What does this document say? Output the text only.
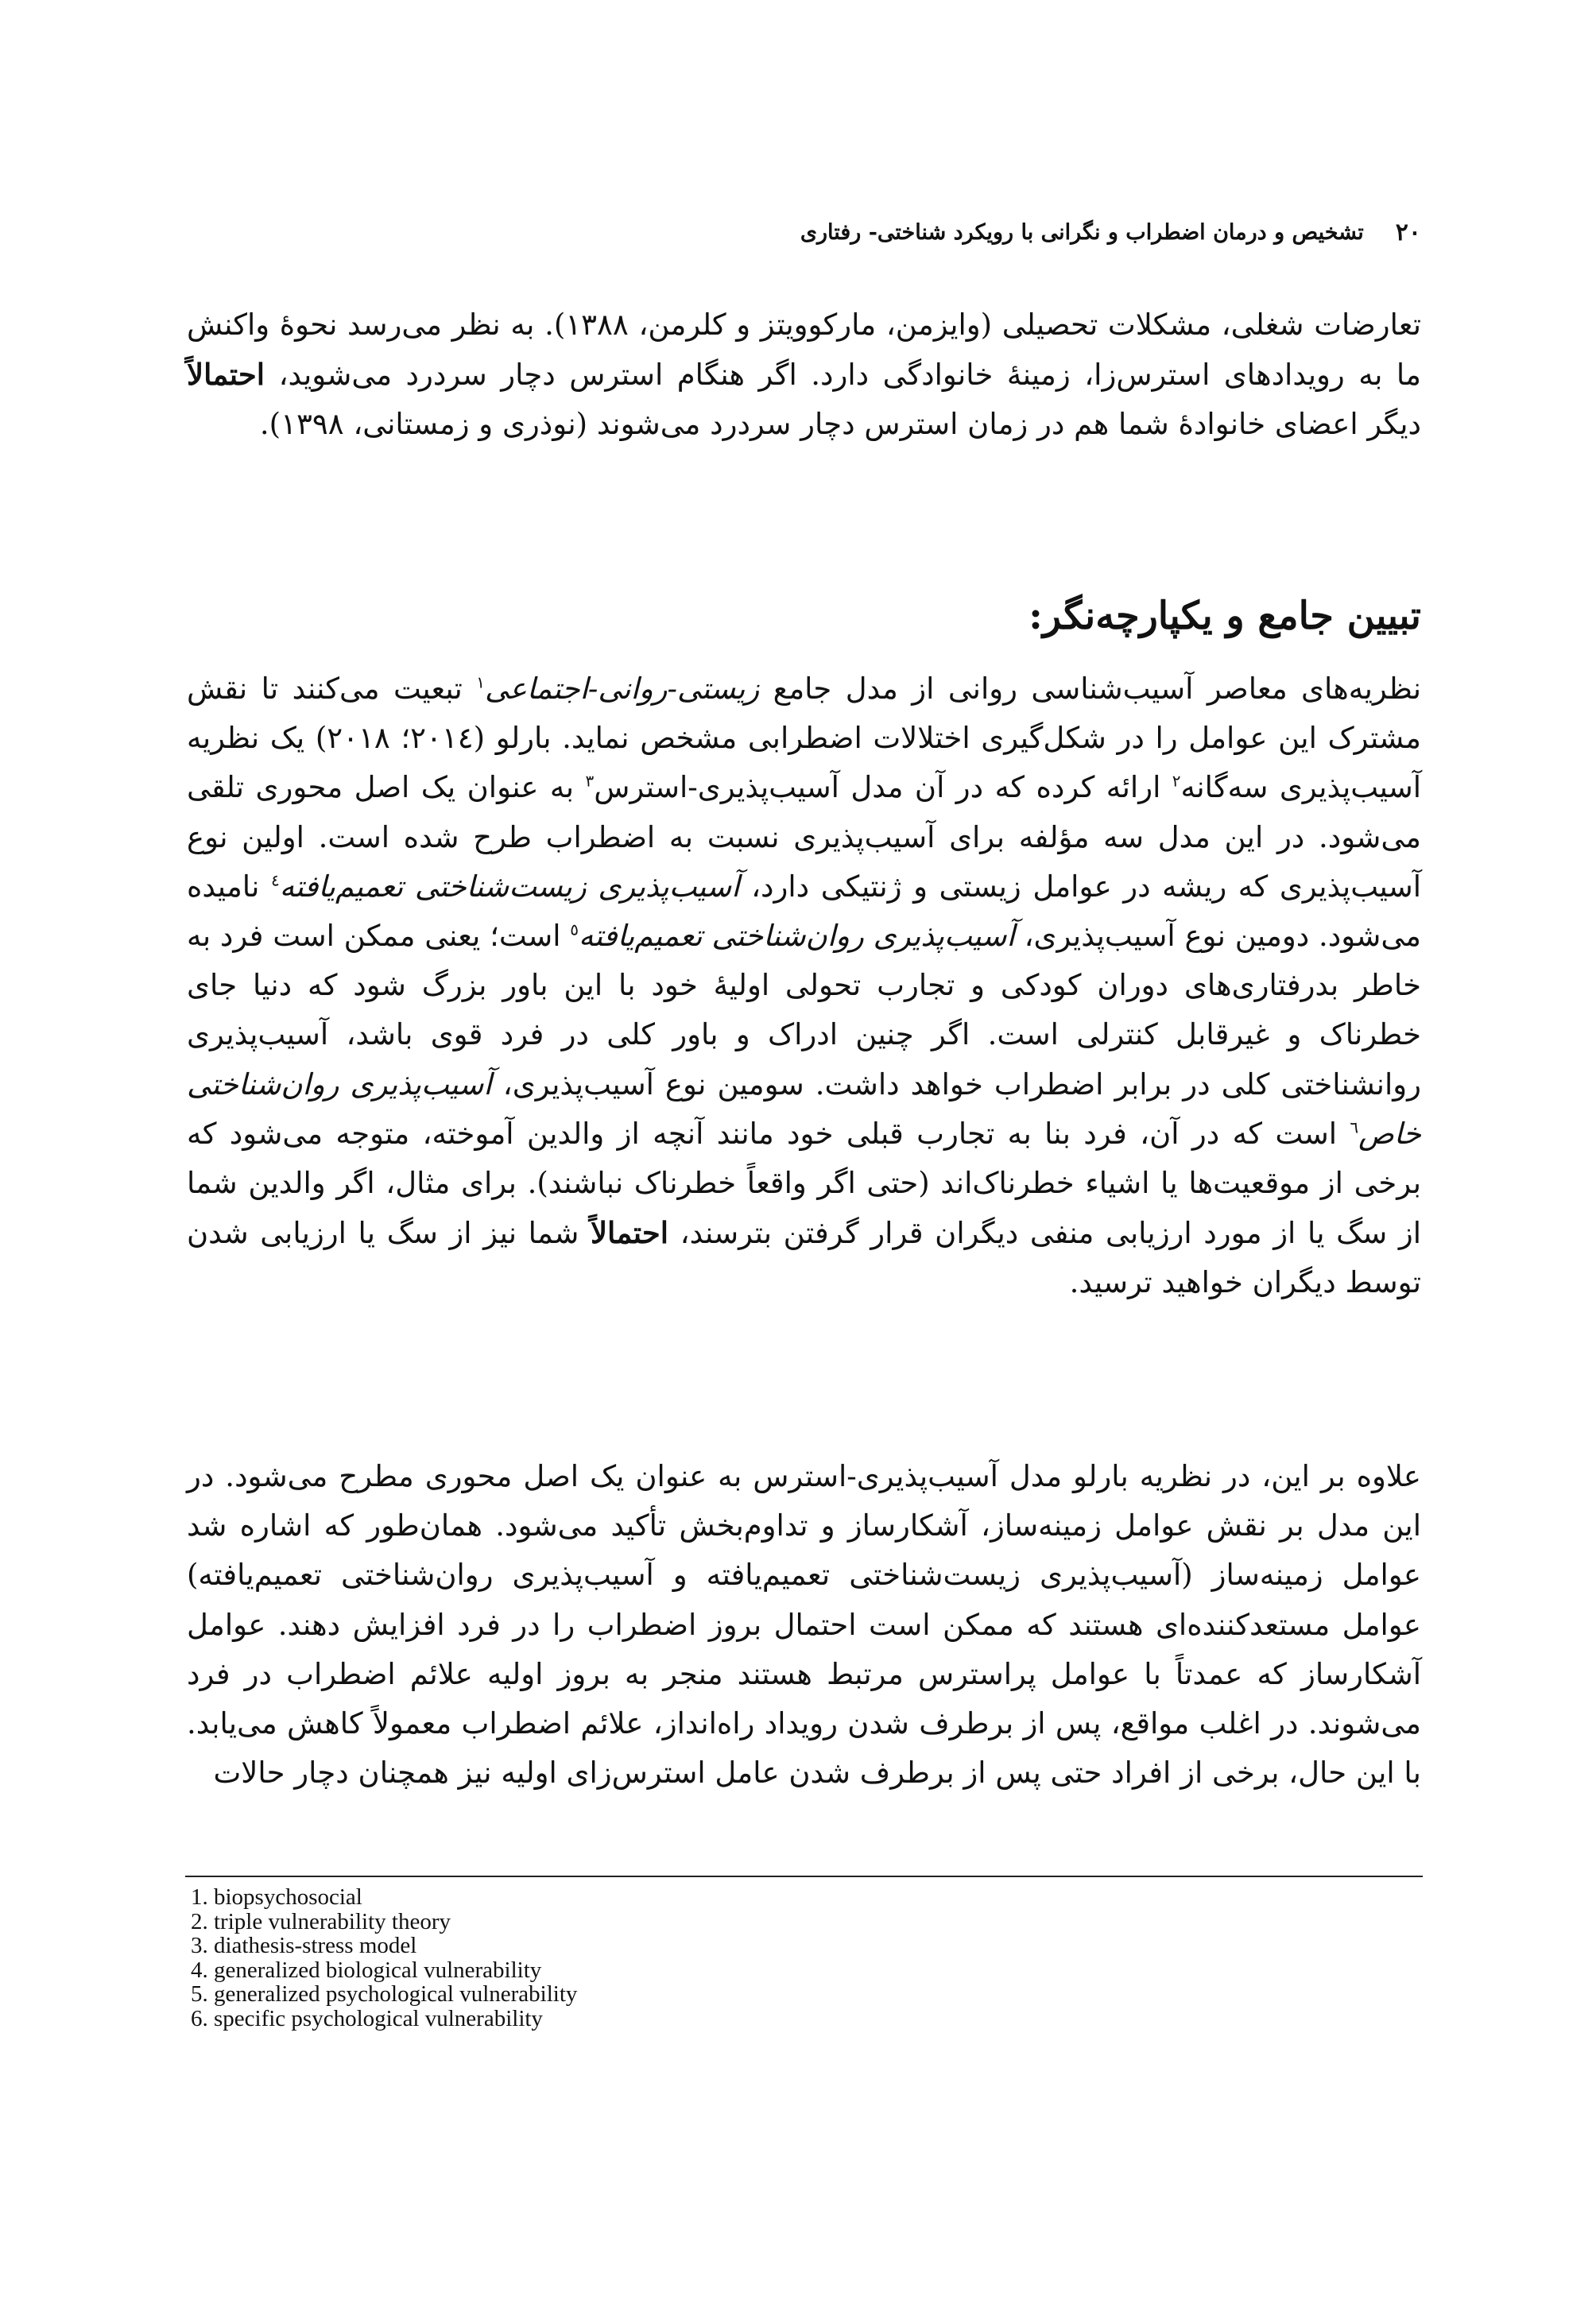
۲۰
تشخیص و درمان اضطراب و نگرانی با رویکرد شناختی- رفتاری

تعارضات شغلی، مشکلات تحصیلی (وایزمن، مارکوویتز و کلرمن، ۱۳۸۸). به نظر می‌رسد نحوهٔ واکنش ما به رویدادهای استرس‌زا، زمینهٔ خانوادگی دارد. اگر هنگام استرس دچار سردرد می‌شوید، احتمالاً دیگر اعضای خانوادهٔ شما هم در زمان استرس دچار سردرد می‌شوند (نوذری و زمستانی، ۱۳۹۸).

تبیین جامع و یکپارچه‌نگر:

نظریه‌های معاصر آسیب‌شناسی روانی از مدل جامع زیستی-روانی-اجتماعی$^۱$ تبعیت می‌کنند تا نقش مشترک این عوامل را در شکل‌گیری اختلالات اضطرابی مشخص نماید. بارلو (۲۰۱٤؛ ۲۰۱۸) یک نظریه آسیب‌پذیری سه‌گانه$^۲$ ارائه کرده که در آن مدل آسیب‌پذیری-استرس$^۳$ به عنوان یک اصل محوری تلقی می‌شود. در این مدل سه مؤلفه برای آسیب‌پذیری نسبت به اضطراب طرح شده است. اولین نوع آسیب‌پذیری که ریشه در عوامل زیستی و ژنتیکی دارد، آسیب‌پذیری زیست‌شناختی تعمیم‌یافته$^٤$ نامیده می‌شود. دومین نوع آسیب‌پذیری، آسیب‌پذیری روان‌شناختی تعمیم‌یافته$^٥$ است؛ یعنی ممکن است فرد به خاطر بدرفتاری‌های دوران کودکی و تجارب تحولی اولیهٔ خود با این باور بزرگ شود که دنیا جای خطرناک و غیرقابل کنترلی است. اگر چنین ادراک و باور کلی در فرد قوی باشد، آسیب‌پذیری روانشناختی کلی در برابر اضطراب خواهد داشت. سومین نوع آسیب‌پذیری، آسیب‌پذیری روان‌شناختی خاص$^٦$ است که در آن، فرد بنا به تجارب قبلی خود مانند آنچه از والدین آموخته، متوجه می‌شود که برخی از موقعیت‌ها یا اشیاء خطرناک‌اند (حتی اگر واقعاً خطرناک نباشند). برای مثال، اگر والدین شما از سگ یا از مورد ارزیابی منفی دیگران قرار گرفتن بترسند، احتمالاً شما نیز از سگ یا ارزیابی شدن توسط دیگران خواهید ترسید.

علاوه بر این، در نظریه بارلو مدل آسیب‌پذیری-استرس به عنوان یک اصل محوری مطرح می‌شود. در این مدل بر نقش عوامل زمینه‌ساز، آشکارساز و تداوم‌بخش تأکید می‌شود. همان‌طور که اشاره شد عوامل زمینه‌ساز (آسیب‌پذیری زیست‌شناختی تعمیم‌یافته و آسیب‌پذیری روان‌شناختی تعمیم‌یافته) عوامل مستعدکننده‌ای هستند که ممکن است احتمال بروز اضطراب را در فرد افزایش دهند. عوامل آشکارساز که عمدتاً با عوامل پراسترس مرتبط هستند منجر به بروز اولیه علائم اضطراب در فرد می‌شوند. در اغلب مواقع، پس از برطرف شدن رویداد راه‌انداز، علائم اضطراب معمولاً کاهش می‌یابد. با این حال، برخی از افراد حتی پس از برطرف شدن عامل استرس‌زای اولیه نیز همچنان دچار حالات

1. biopsychosocial
2. triple vulnerability theory
3. diathesis-stress model
4. generalized biological vulnerability
5. generalized psychological vulnerability
6. specific psychological vulnerability
